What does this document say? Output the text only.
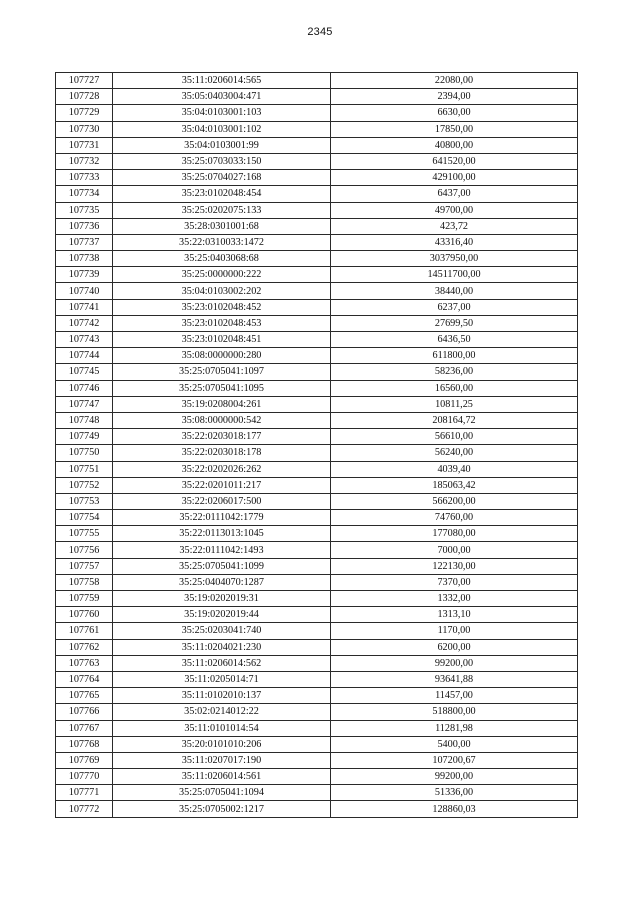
2345
107727	35:11:0206014:565	22080,00
107728	35:05:0403004:471	2394,00
107729	35:04:0103001:103	6630,00
107730	35:04:0103001:102	17850,00
107731	35:04:0103001:99	40800,00
107732	35:25:0703033:150	641520,00
107733	35:25:0704027:168	429100,00
107734	35:23:0102048:454	6437,00
107735	35:25:0202075:133	49700,00
107736	35:28:0301001:68	423,72
107737	35:22:0310033:1472	43316,40
107738	35:25:0403068:68	3037950,00
107739	35:25:0000000:222	14511700,00
107740	35:04:0103002:202	38440,00
107741	35:23:0102048:452	6237,00
107742	35:23:0102048:453	27699,50
107743	35:23:0102048:451	6436,50
107744	35:08:0000000:280	611800,00
107745	35:25:0705041:1097	58236,00
107746	35:25:0705041:1095	16560,00
107747	35:19:0208004:261	10811,25
107748	35:08:0000000:542	208164,72
107749	35:22:0203018:177	56610,00
107750	35:22:0203018:178	56240,00
107751	35:22:0202026:262	4039,40
107752	35:22:0201011:217	185063,42
107753	35:22:0206017:500	566200,00
107754	35:22:0111042:1779	74760,00
107755	35:22:0113013:1045	177080,00
107756	35:22:0111042:1493	7000,00
107757	35:25:0705041:1099	122130,00
107758	35:25:0404070:1287	7370,00
107759	35:19:0202019:31	1332,00
107760	35:19:0202019:44	1313,10
107761	35:25:0203041:740	1170,00
107762	35:11:0204021:230	6200,00
107763	35:11:0206014:562	99200,00
107764	35:11:0205014:71	93641,88
107765	35:11:0102010:137	11457,00
107766	35:02:0214012:22	518800,00
107767	35:11:0101014:54	11281,98
107768	35:20:0101010:206	5400,00
107769	35:11:0207017:190	107200,67
107770	35:11:0206014:561	99200,00
107771	35:25:0705041:1094	51336,00
107772	35:25:0705002:1217	128860,03
